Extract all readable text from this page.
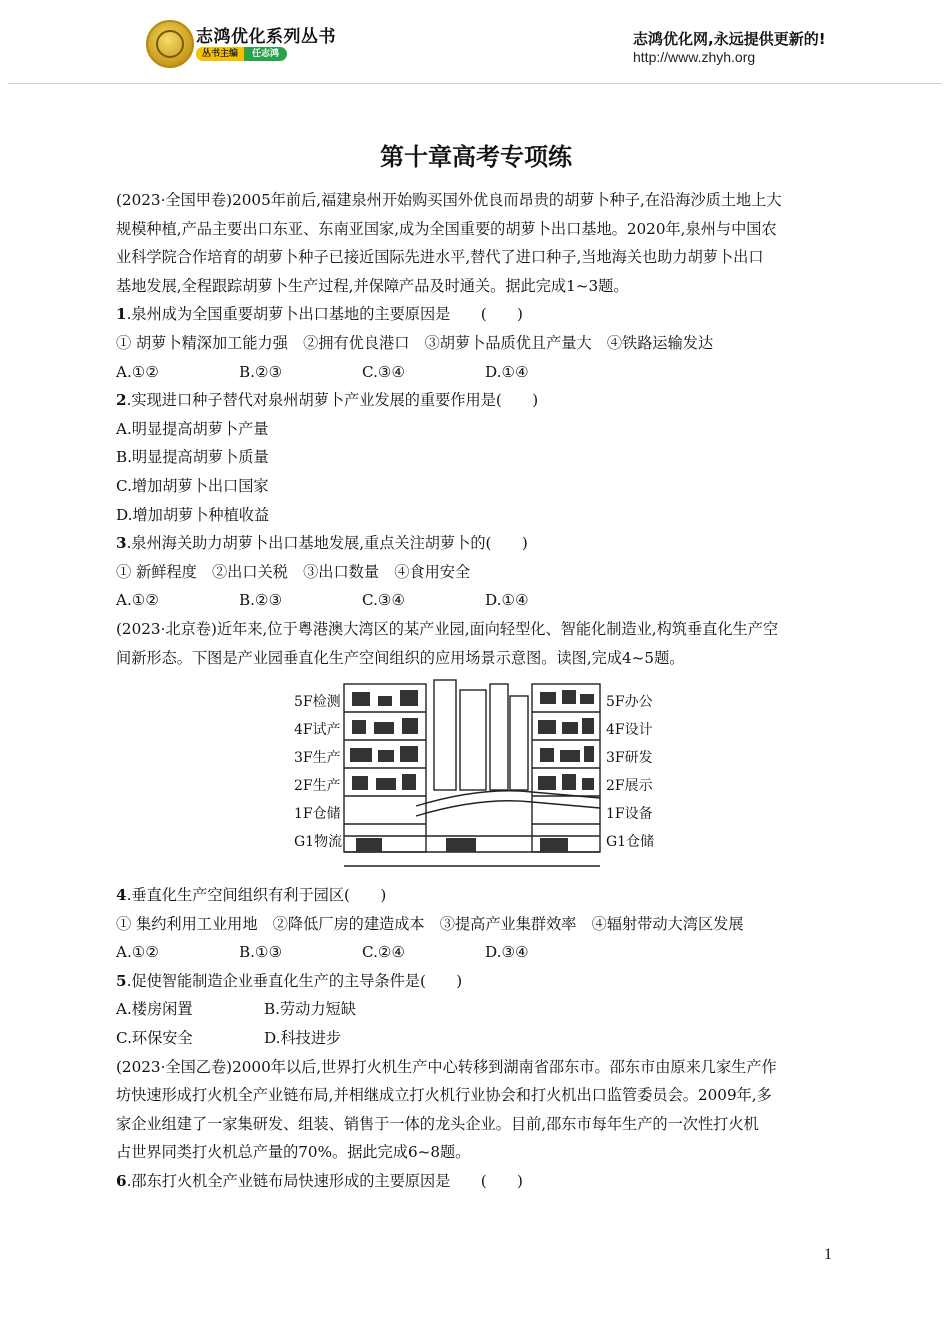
志鸿优化系列丛书
丛书主编	任志鸿
志鸿优化网,永远提供更新的!
http://www.zhyh.org
第十章高考专项练

(2023·全国甲卷)2005年前后,福建泉州开始购买国外优良而昂贵的胡萝卜种子,在沿海沙质土地上大

规模种植,产品主要出口东亚、东南亚国家,成为全国重要的胡萝卜出口基地。2020年,泉州与中国农

业科学院合作培育的胡萝卜种子已接近国际先进水平,替代了进口种子,当地海关也助力胡萝卜出口

基地发展,全程跟踪胡萝卜生产过程,并保障产品及时通关。据此完成1~3题。

1.泉州成为全国重要胡萝卜出口基地的主要原因是　　(　　)

① 胡萝卜精深加工能力强　②拥有优良港口　③胡萝卜品质优且产量大　④铁路运输发达

A.①②	B.②③	C.③④	D.①④

2.实现进口种子替代对泉州胡萝卜产业发展的重要作用是(　　)

A.明显提高胡萝卜产量

B.明显提高胡萝卜质量

C.增加胡萝卜出口国家

D.增加胡萝卜种植收益

3.泉州海关助力胡萝卜出口基地发展,重点关注胡萝卜的(　　)

① 新鲜程度　②出口关税　③出口数量　④食用安全

A.①②	B.②③	C.③④	D.①④

(2023·北京卷)近年来,位于粤港澳大湾区的某产业园,面向轻型化、智能化制造业,构筑垂直化生产空

间新形态。下图是产业园垂直化生产空间组织的应用场景示意图。读图,完成4~5题。

5F检测
4F试产
3F生产
2F生产
1F仓储
G1物流
5F办公
4F设计
3F研发
2F展示
1F设备
G1仓储

4.垂直化生产空间组织有利于园区(　　)

① 集约利用工业用地　②降低厂房的建造成本　③提高产业集群效率　④辐射带动大湾区发展

A.①②	B.①③	C.②④	D.③④

5.促使智能制造企业垂直化生产的主导条件是(　　)

A.楼房闲置	B.劳动力短缺
C.环保安全	D.科技进步

(2023·全国乙卷)2000年以后,世界打火机生产中心转移到湖南省邵东市。邵东市由原来几家生产作

坊快速形成打火机全产业链布局,并相继成立打火机行业协会和打火机出口监管委员会。2009年,多

家企业组建了一家集研发、组装、销售于一体的龙头企业。目前,邵东市每年生产的一次性打火机

占世界同类打火机总产量的70%。据此完成6~8题。

6.邵东打火机全产业链布局快速形成的主要原因是　　(　　)

1
